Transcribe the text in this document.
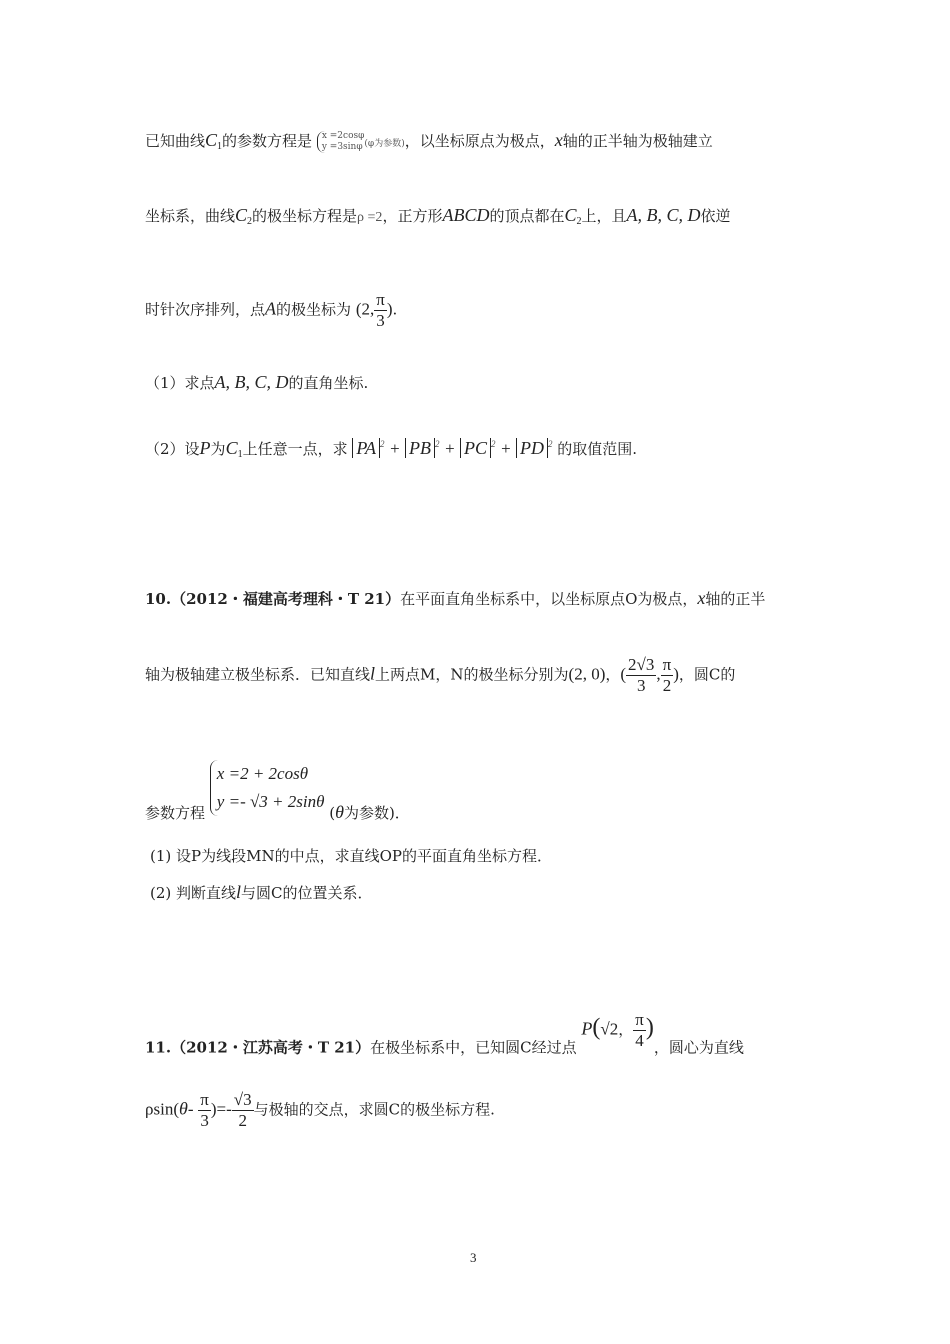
已知曲线$C_1$的参数方程是 x =2cosφ
y =3sinφ (φ为参数)，以坐标原点为极点，x轴的正半轴为极轴建立
坐标系，曲线$C_2$的极坐标方程是ρ =2，正方形ABCD的顶点都在$C_2$上，且A, B, C, D依逆
时针次序排列，点A的极坐标为 (2, $\frac{\pi}{3}$ ).
（1）求点A, B, C, D的直角坐标.
（2）设P为$C_1$上任意一点，求 PA $^2$ + PB $^2$ + PC $^2$ + PD $^2$ 的取值范围.
10.（2012・福建高考理科・T 21）在平面直角坐标系中，以坐标原点O为极点，x轴的正半
轴为极轴建立极坐标系．已知直线l上两点M，N的极坐标分别为(2, 0)，( $\frac{2√3}{3}$ , $\frac{\pi}{2}$ )，圆C的
参数方程 x =2 + 2cosθ
y =- √3 + 2sinθ (θ为参数)．
(1) 设P为线段MN的中点，求直线OP的平面直角坐标方程．
(2) 判断直线l与圆C的位置关系．
11.（2012・江苏高考・T 21）在极坐标系中，已知圆C经过点 P(√2， $\frac{\pi}{4}$ )，圆心为直线
$\rho\sin(\theta- \frac{\pi}{3}$ )=- $\frac{√3}{2}$ 与极轴的交点，求圆C的极坐标方程.
3
